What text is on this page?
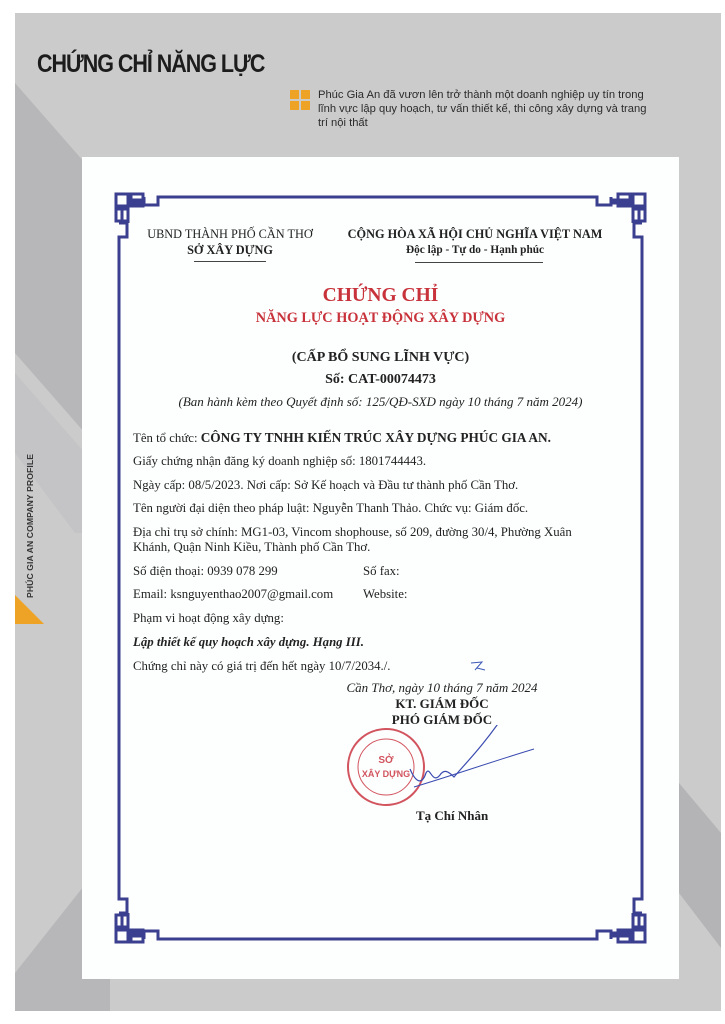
CHỨNG CHỈ NĂNG LỰC
Phúc Gia An đã vươn lên trở thành một doanh nghiệp uy tín trong lĩnh vực lập quy hoạch, tư vấn thiết kế, thi công xây dựng và trang trí nội thất
PHÚC GIA AN COMPANY PROFILE
UBND THÀNH PHỐ CẦN THƠ
SỞ XÂY DỰNG
CỘNG HÒA XÃ HỘI CHỦ NGHĨA VIỆT NAM
Độc lập - Tự do - Hạnh phúc
CHỨNG CHỈ
NĂNG LỰC HOẠT ĐỘNG XÂY DỰNG
(CẤP BỔ SUNG LĨNH VỰC)
Số: CAT-00074473
(Ban hành kèm theo Quyết định số: 125/QĐ-SXD ngày 10 tháng 7 năm 2024)
Tên tổ chức: CÔNG TY TNHH KIẾN TRÚC XÂY DỰNG PHÚC GIA AN.
Giấy chứng nhận đăng ký doanh nghiệp số: 1801744443.
Ngày cấp: 08/5/2023. Nơi cấp: Sở Kế hoạch và Đầu tư thành phố Cần Thơ.
Tên người đại diện theo pháp luật: Nguyễn Thanh Thảo. Chức vụ: Giám đốc.
Địa chỉ trụ sở chính: MG1-03, Vincom shophouse, số 209, đường 30/4, Phường Xuân
Khánh, Quận Ninh Kiều, Thành phố Cần Thơ.
Số điện thoại: 0939 078 299	Số fax:
Email: ksnguyenthao2007@gmail.com Website:
Phạm vi hoạt động xây dựng:
Lập thiết kế quy hoạch xây dựng. Hạng III.
Chứng chỉ này có giá trị đến hết ngày 10/7/2034./.
Cần Thơ, ngày 10 tháng 7 năm 2024
KT. GIÁM ĐỐC
PHÓ GIÁM ĐỐC
SỞ
XÂY DỰNG
Tạ Chí Nhân
